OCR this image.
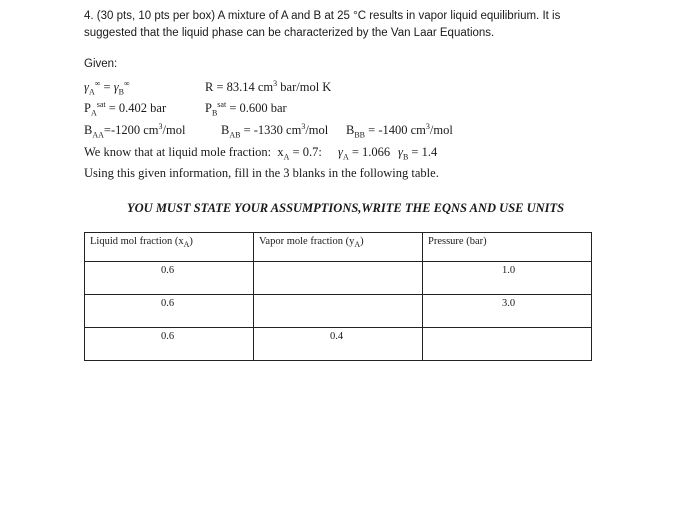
4. (30 pts, 10 pts per box) A mixture of A and B at 25 °C results in vapor liquid equilibrium. It is
suggested that the liquid phase can be characterized by the Van Laar Equations.
Given:
$\gamma_A^\infty = \gamma_B^\infty$	R = 83.14 $cm^3$ bar/mol K
$P_A^{sat} = 0.402$ bar	$P_B^{sat} = 0.600$ bar
$B_{AA}=-1200$ $cm^3$/mol	$B_{AB} = -1330$ $cm^3$/mol $B_{BB} = -1400$ $cm^3$/mol
We know that at liquid mole fraction:  $x_A = 0.7$: $\gamma_A = 1.066$ $\gamma_B = 1.4$
Using this given information, fill in the 3 blanks in the following table.
YOU MUST STATE YOUR ASSUMPTIONS,WRITE THE EQNS AND USE UNITS
Liquid mol fraction $(x_A)$	Vapor mole fraction $(y_A)$	Pressure (bar)

0.6		1.0

0.6		3.0

0.6	0.4	
